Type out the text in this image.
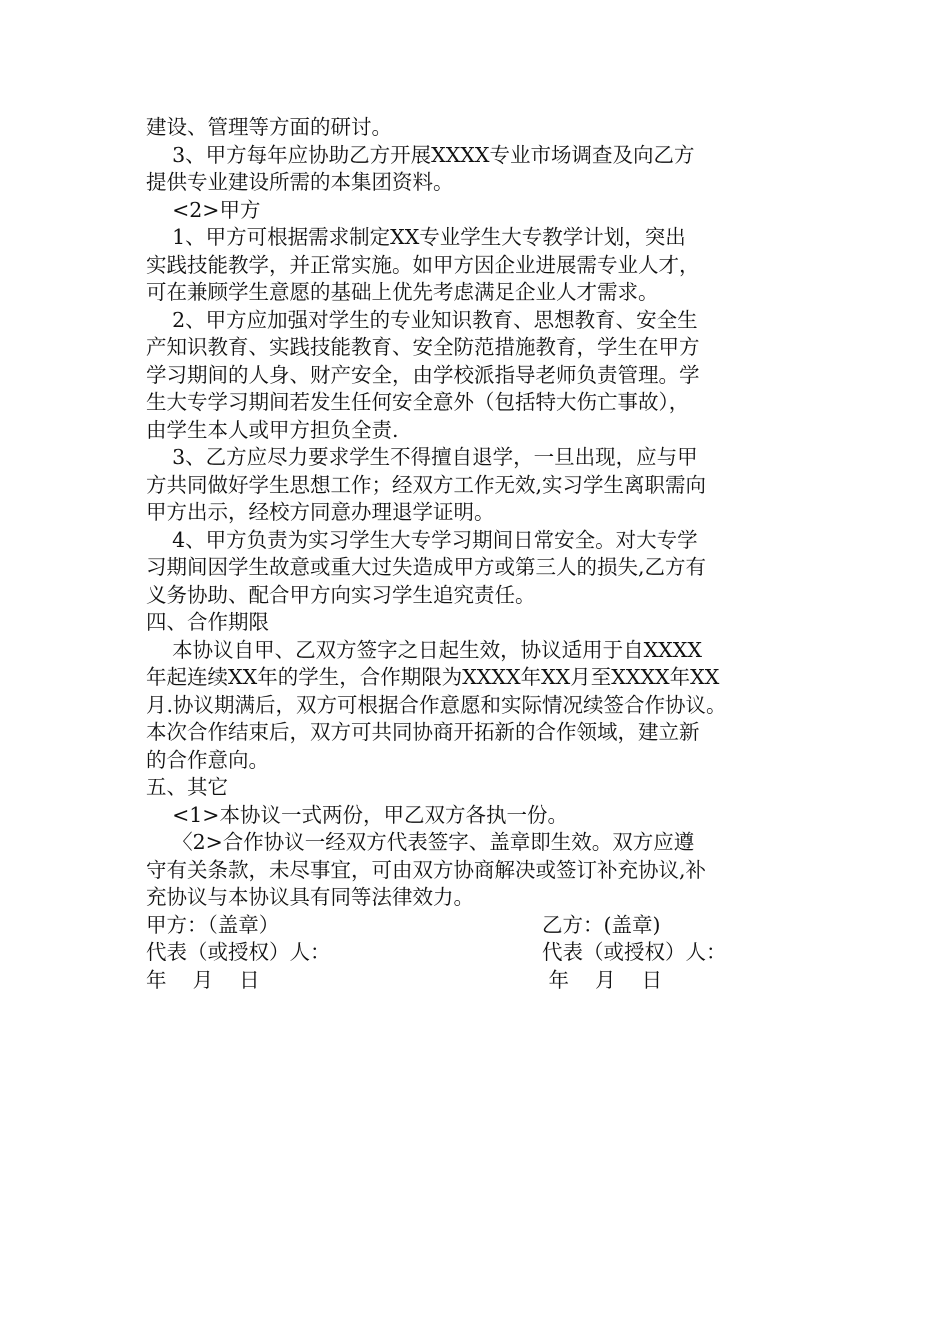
建设、管理等方面的研讨。
3、甲方每年应协助乙方开展XXXX专业市场调查及向乙方
提供专业建设所需的本集团资料。
<2>甲方
1、甲方可根据需求制定XX专业学生大专教学计划，突出
实践技能教学，并正常实施。如甲方因企业进展需专业人才，
可在兼顾学生意愿的基础上优先考虑满足企业人才需求。
2、甲方应加强对学生的专业知识教育、思想教育、安全生
产知识教育、实践技能教育、安全防范措施教育，学生在甲方
学习期间的人身、财产安全，由学校派指导老师负责管理。学
生大专学习期间若发生任何安全意外（包括特大伤亡事故），
由学生本人或甲方担负全责.
3、乙方应尽力要求学生不得擅自退学，一旦出现，应与甲
方共同做好学生思想工作；经双方工作无效,实习学生离职需向
甲方出示，经校方同意办理退学证明。
4、甲方负责为实习学生大专学习期间日常安全。对大专学
习期间因学生故意或重大过失造成甲方或第三人的损失,乙方有
义务协助、配合甲方向实习学生追究责任。
四、合作期限
本协议自甲、乙双方签字之日起生效，协议适用于自XXXX
年起连续XX年的学生，合作期限为XXXX年XX月至XXXX年XX
月.协议期满后，双方可根据合作意愿和实际情况续签合作协议。
本次合作结束后，双方可共同协商开拓新的合作领域，建立新
的合作意向。
五、其它
<1>本协议一式两份，甲乙双方各执一份。
〈2>合作协议一经双方代表签字、盖章即生效。双方应遵
守有关条款，未尽事宜，可由双方协商解决或签订补充协议,补
充协议与本协议具有同等法律效力。
甲方：（盖章）	乙方：(盖章)
代表（或授权）人：	代表（或授权）人：
年    月    日	年    月    日
